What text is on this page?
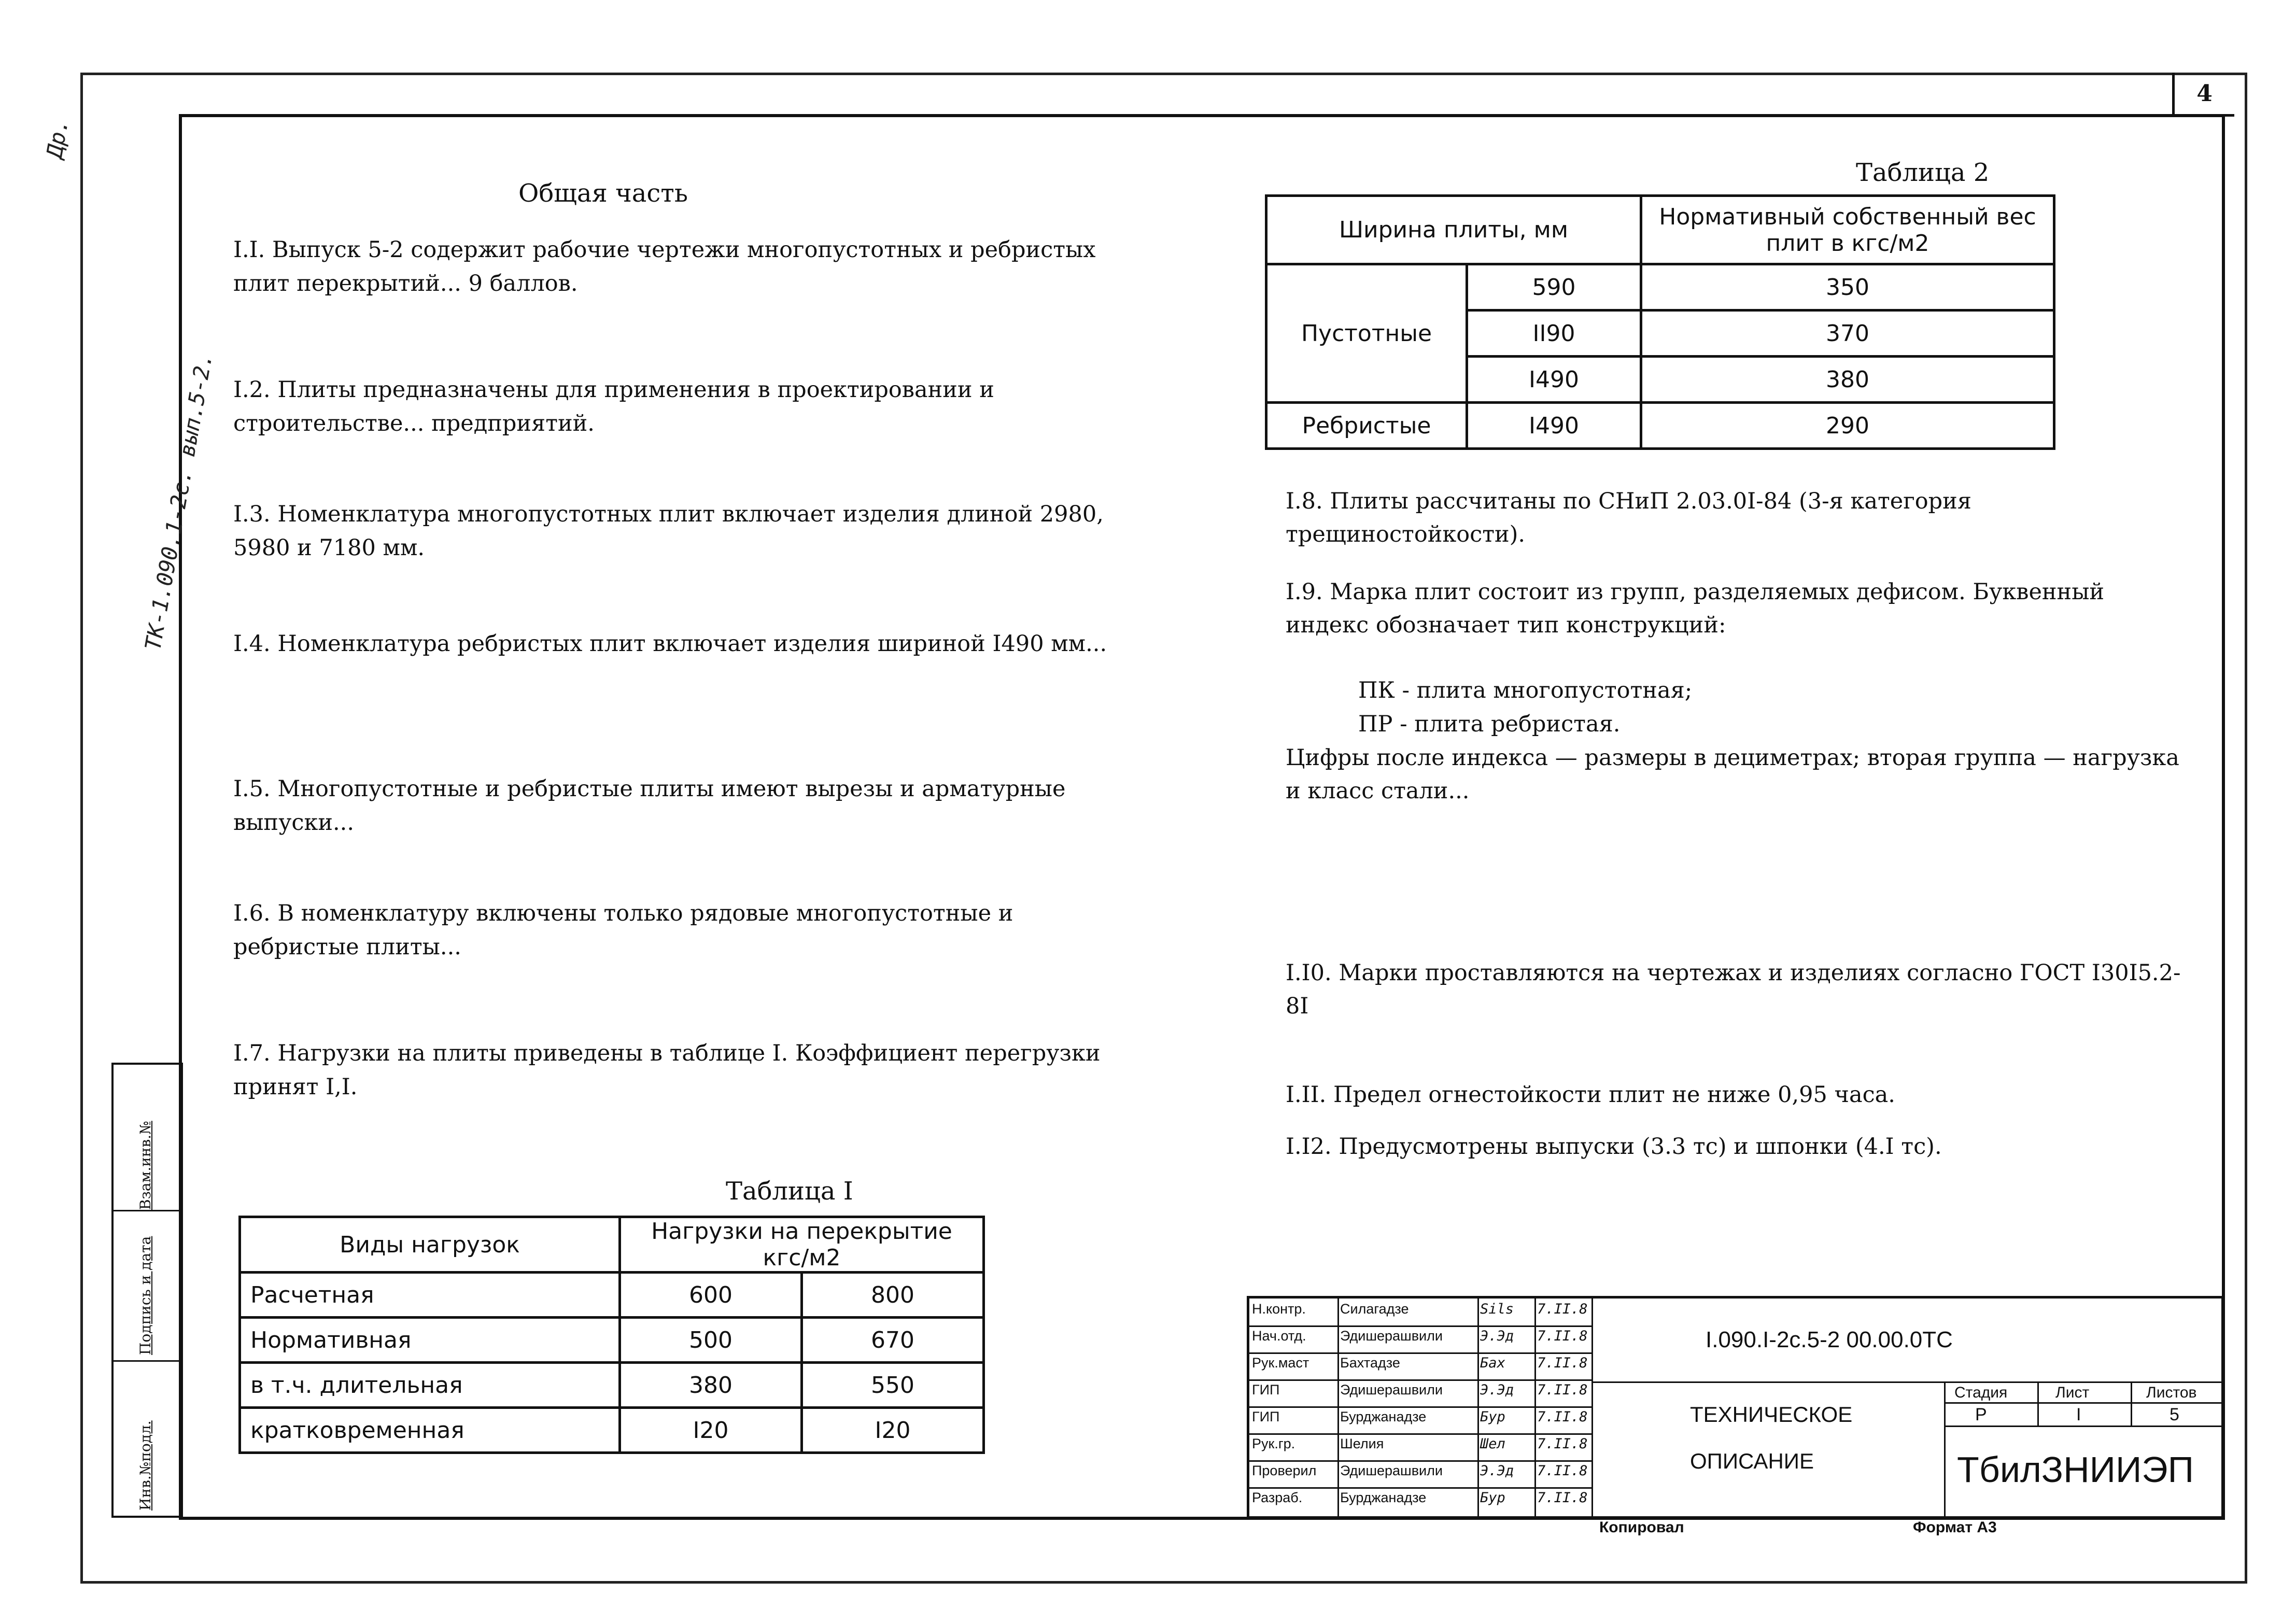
4
Др.
ТК-1.090.1-2с. вып.5-2.
Взам.инв.№
Подпись и дата
Инв.№подл.
Общая часть
I.I. Выпуск 5-2 содержит рабочие чертежи многопустотных и ребристых плит перекрытий... 9 баллов.
I.2. Плиты предназначены для применения в проектировании и строительстве... предприятий.
I.3. Номенклатура многопустотных плит включает изделия длиной 2980, 5980 и 7180 мм.
I.4. Номенклатура ребристых плит включает изделия шириной I490 мм...
I.5. Многопустотные и ребристые плиты имеют вырезы и арматурные выпуски...
I.6. В номенклатуру включены только рядовые многопустотные и ребристые плиты...
I.7. Нагрузки на плиты приведены в таблице I. Коэффициент перегрузки принят I,I.
Таблица I
Виды нагрузок	Нагрузки на перекрытие кгс/м2	
Расчетная	600	800
Нормативная	500	670
в т.ч. длительная	380	550
кратковременная	I20	I20
Таблица 2
Ширина плиты, мм		Нормативный собственный вес плит в кгс/м2
Пустотные	590	350
	II90	370
	I490	380
Ребристые	I490	290
I.8. Плиты рассчитаны по СНиП 2.03.0I-84 (3-я категория трещиностойкости).
I.9. Марка плит состоит из групп, разделяемых дефисом. Буквенный индекс обозначает тип конструкций:
ПК - плита многопустотная;
ПР - плита ребристая.
Цифры после индекса — размеры в дециметрах; вторая группа — нагрузка и класс стали...
I.I0. Марки проставляются на чертежах и изделиях согласно ГОСТ I30I5.2-8I
I.II. Предел огнестойкости плит не ниже 0,95 часа.
I.I2. Предусмотрены выпуски (3.3 тс) и шпонки (4.I тс).
Н.контр.	Силагадзе	Sils 7.II.8
Нач.отд.	Эдишерашвили	Э.Эд 7.II.8
Рук.маст	Бахтадзе	Бах 7.II.8
ГИП	Эдишерашвили	Э.Эд 7.II.8
ГИП	Бурджанадзе	Бур 7.II.8
Рук.гр.	Шелия	Шел 7.II.8
Проверил	Эдишерашвили	Э.Эд 7.II.8
Разраб.	Бурджанадзе	Бур 7.II.8
I.090.I-2с.5-2 00.00.0ТС
ТЕХНИЧЕСКОЕ
ОПИСАНИЕ
Стадия	Лист	Листов
Р	I	5
ТбилЗНИИЭП
Копировал	Формат А3
